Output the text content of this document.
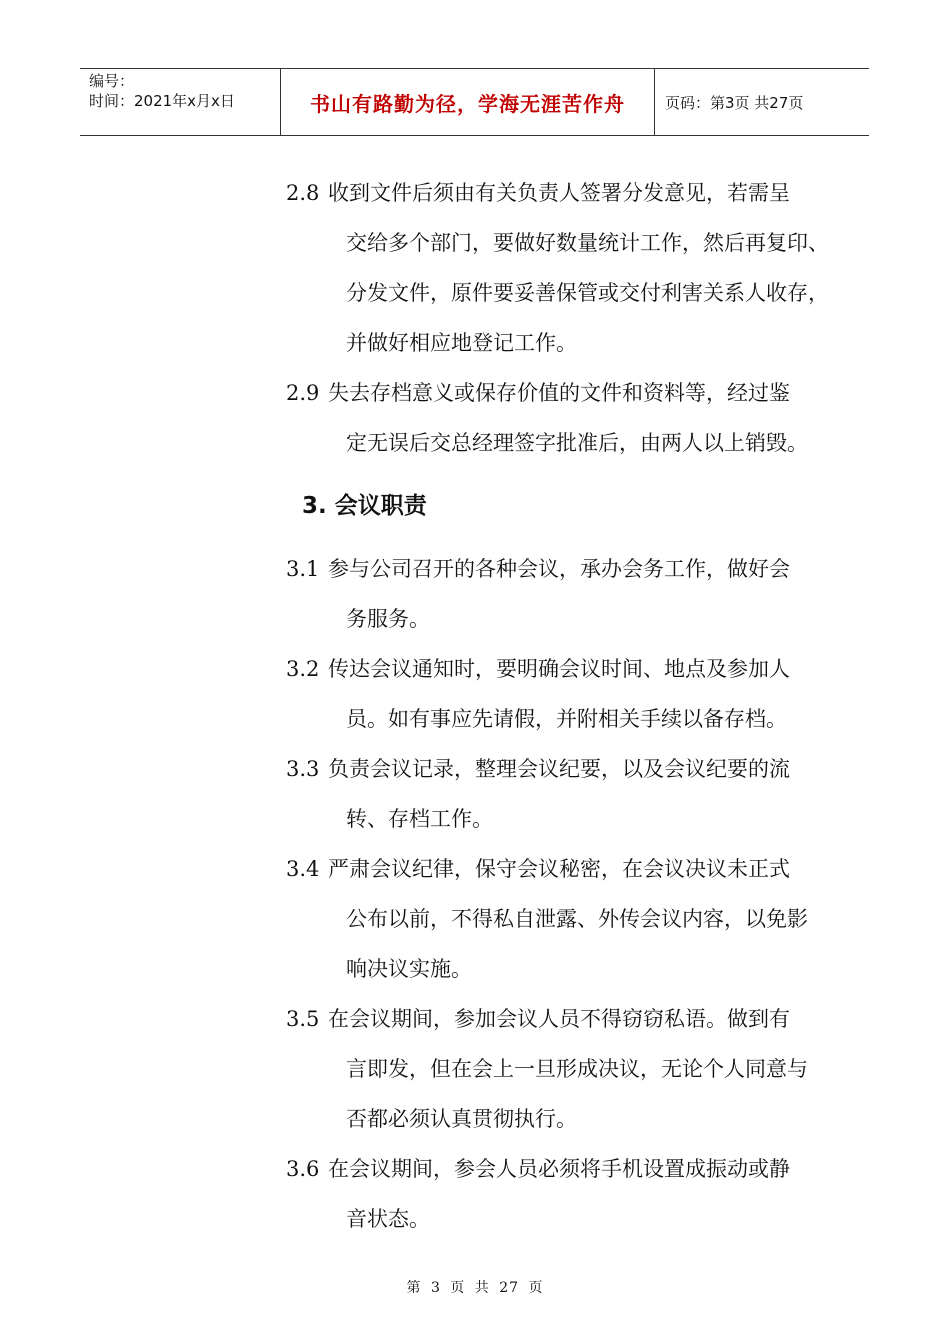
编号：
时间：2021年x月x日	书山有路勤为径，学海无涯苦作舟	页码：第3页 共27页
2.8 收到文件后须由有关负责人签署分发意见，若需呈
交给多个部门，要做好数量统计工作，然后再复印、
分发文件，原件要妥善保管或交付利害关系人收存，
并做好相应地登记工作。
2.9 失去存档意义或保存价值的文件和资料等，经过鉴
定无误后交总经理签字批准后，由两人以上销毁。
3. 会议职责
3.1 参与公司召开的各种会议，承办会务工作，做好会
务服务。
3.2 传达会议通知时，要明确会议时间、地点及参加人
员。如有事应先请假，并附相关手续以备存档。
3.3 负责会议记录，整理会议纪要，以及会议纪要的流
转、存档工作。
3.4 严肃会议纪律，保守会议秘密，在会议决议未正式
公布以前，不得私自泄露、外传会议内容，以免影
响决议实施。
3.5 在会议期间，参加会议人员不得窃窃私语。做到有
言即发，但在会上一旦形成决议，无论个人同意与
否都必须认真贯彻执行。
3.6 在会议期间，参会人员必须将手机设置成振动或静
音状态。
第 3 页 共 27 页
